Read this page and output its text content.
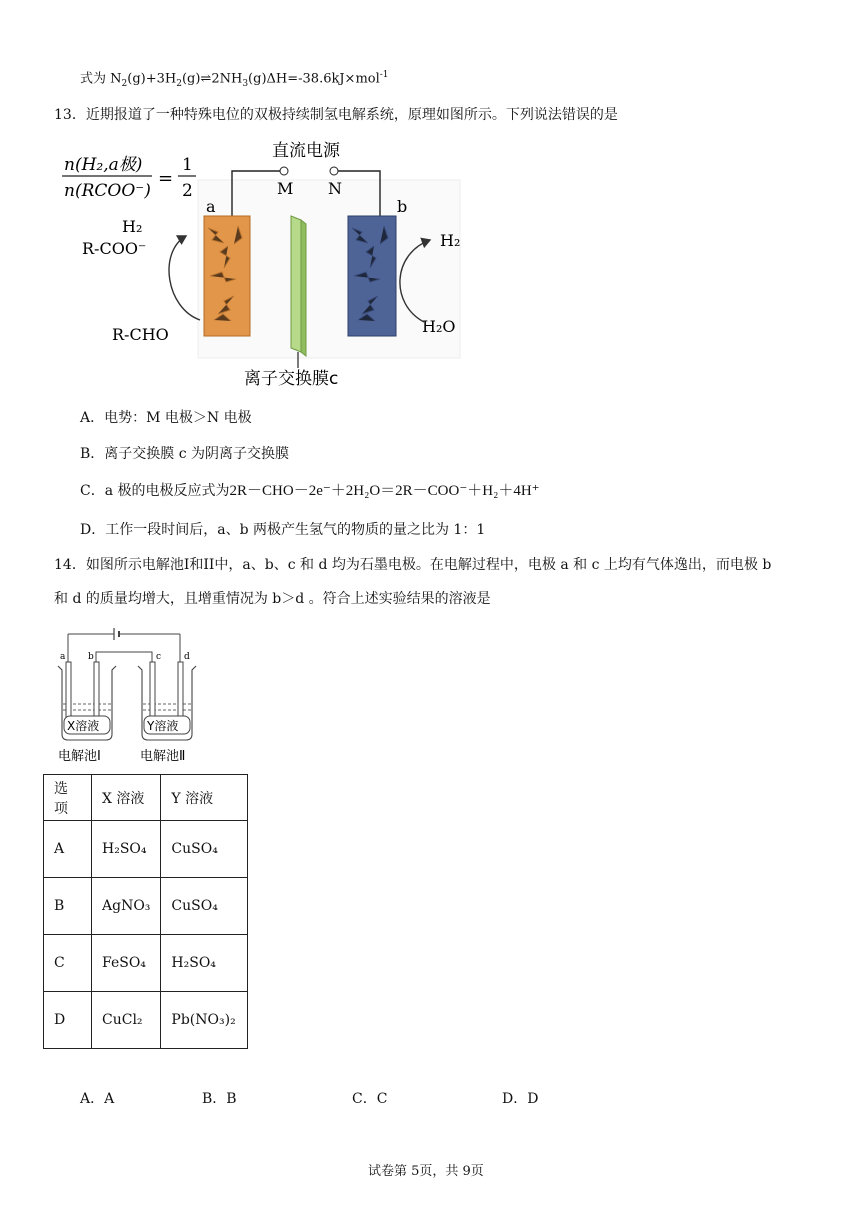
式为 $N_2(g)+3H_2(g)\rightleftharpoons 2NH_3(g)\Delta H=-38.6kJ\times mol^{-1}$
13．近期报道了一种特殊电位的双极持续制氢电解系统，原理如图所示。下列说法错误的是
n(H₂,a极)
n(RCOO⁻)
=
1
2
直流电源
M N
a	b
H₂
R-COO⁻
R-CHO
H₂
H₂O
离子交换膜c
A．电势：M 电极＞N 电极
B．离子交换膜 c 为阴离子交换膜
C．a 极的电极反应式为2R－CHO－2e⁻＋2H₂O＝2R－COO⁻＋H₂＋4H⁺
D．工作一段时间后，a、b 两极产生氢气的物质的量之比为 1：1
14．如图所示电解池I和II中，a、b、c 和 d 均为石墨电极。在电解过程中，电极 a 和 c 上均有气体逸出，而电极 b
和 d 的质量均增大，且增重情况为 b＞d 。符合上述实验结果的溶液是
a	b	c	d
X溶液	Y溶液
电解池Ⅰ	电解池Ⅱ
选项	X 溶液	Y 溶液
A	H₂SO₄	CuSO₄
B	AgNO₃	CuSO₄
C	FeSO₄	H₂SO₄
D	CuCl₂	Pb(NO₃)₂
A．A	B．B	C．C	D．D
试卷第 5页，共 9页
